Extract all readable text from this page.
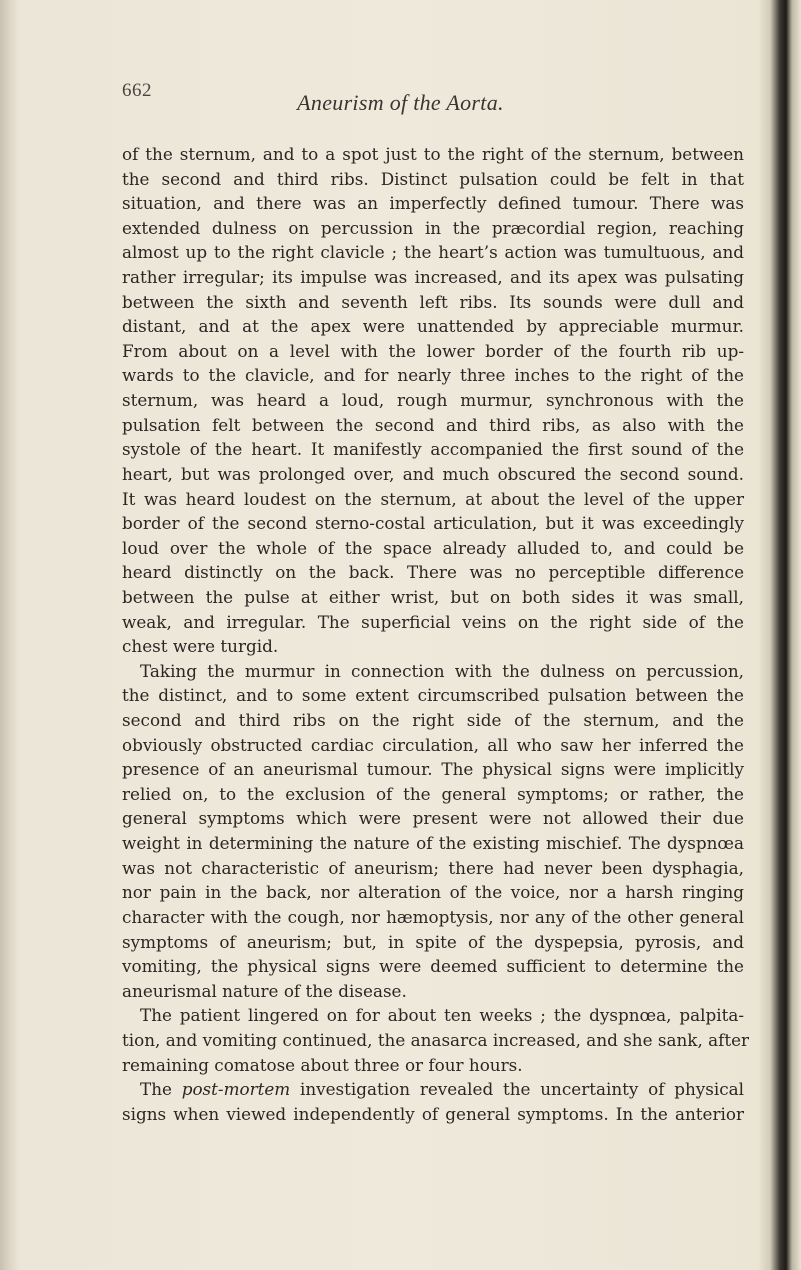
662	Aneurism of the Aorta.
of the sternum, and to a spot just to the right of the sternum, between
the second and third ribs. Distinct pulsation could be felt in that
situation, and there was an imperfectly defined tumour. There was
extended dulness on percussion in the præcordial region, reaching
almost up to the right clavicle ; the heart’s action was tumultuous, and
rather irregular; its impulse was increased, and its apex was pulsating
between the sixth and seventh left ribs. Its sounds were dull and
distant, and at the apex were unattended by appreciable murmur.
From about on a level with the lower border of the fourth rib up-
wards to the clavicle, and for nearly three inches to the right of the
sternum, was heard a loud, rough murmur, synchronous with the
pulsation felt between the second and third ribs, as also with the
systole of the heart. It manifestly accompanied the first sound of the
heart, but was prolonged over, and much obscured the second sound.
It was heard loudest on the sternum, at about the level of the upper
border of the second sterno-costal articulation, but it was exceedingly
loud over the whole of the space already alluded to, and could be
heard distinctly on the back. There was no perceptible difference
between the pulse at either wrist, but on both sides it was small,
weak, and irregular. The superficial veins on the right side of the
chest were turgid.
Taking the murmur in connection with the dulness on percussion,
the distinct, and to some extent circumscribed pulsation between the
second and third ribs on the right side of the sternum, and the
obviously obstructed cardiac circulation, all who saw her inferred the
presence of an aneurismal tumour. The physical signs were implicitly
relied on, to the exclusion of the general symptoms; or rather, the
general symptoms which were present were not allowed their due
weight in determining the nature of the existing mischief. The dyspnœa
was not characteristic of aneurism; there had never been dysphagia,
nor pain in the back, nor alteration of the voice, nor a harsh ringing
character with the cough, nor hæmoptysis, nor any of the other general
symptoms of aneurism; but, in spite of the dyspepsia, pyrosis, and
vomiting, the physical signs were deemed sufficient to determine the
aneurismal nature of the disease.
The patient lingered on for about ten weeks ; the dyspnœa, palpita-
tion, and vomiting continued, the anasarca increased, and she sank, after
remaining comatose about three or four hours.
The post-mortem investigation revealed the uncertainty of physical
signs when viewed independently of general symptoms. In the anterior
